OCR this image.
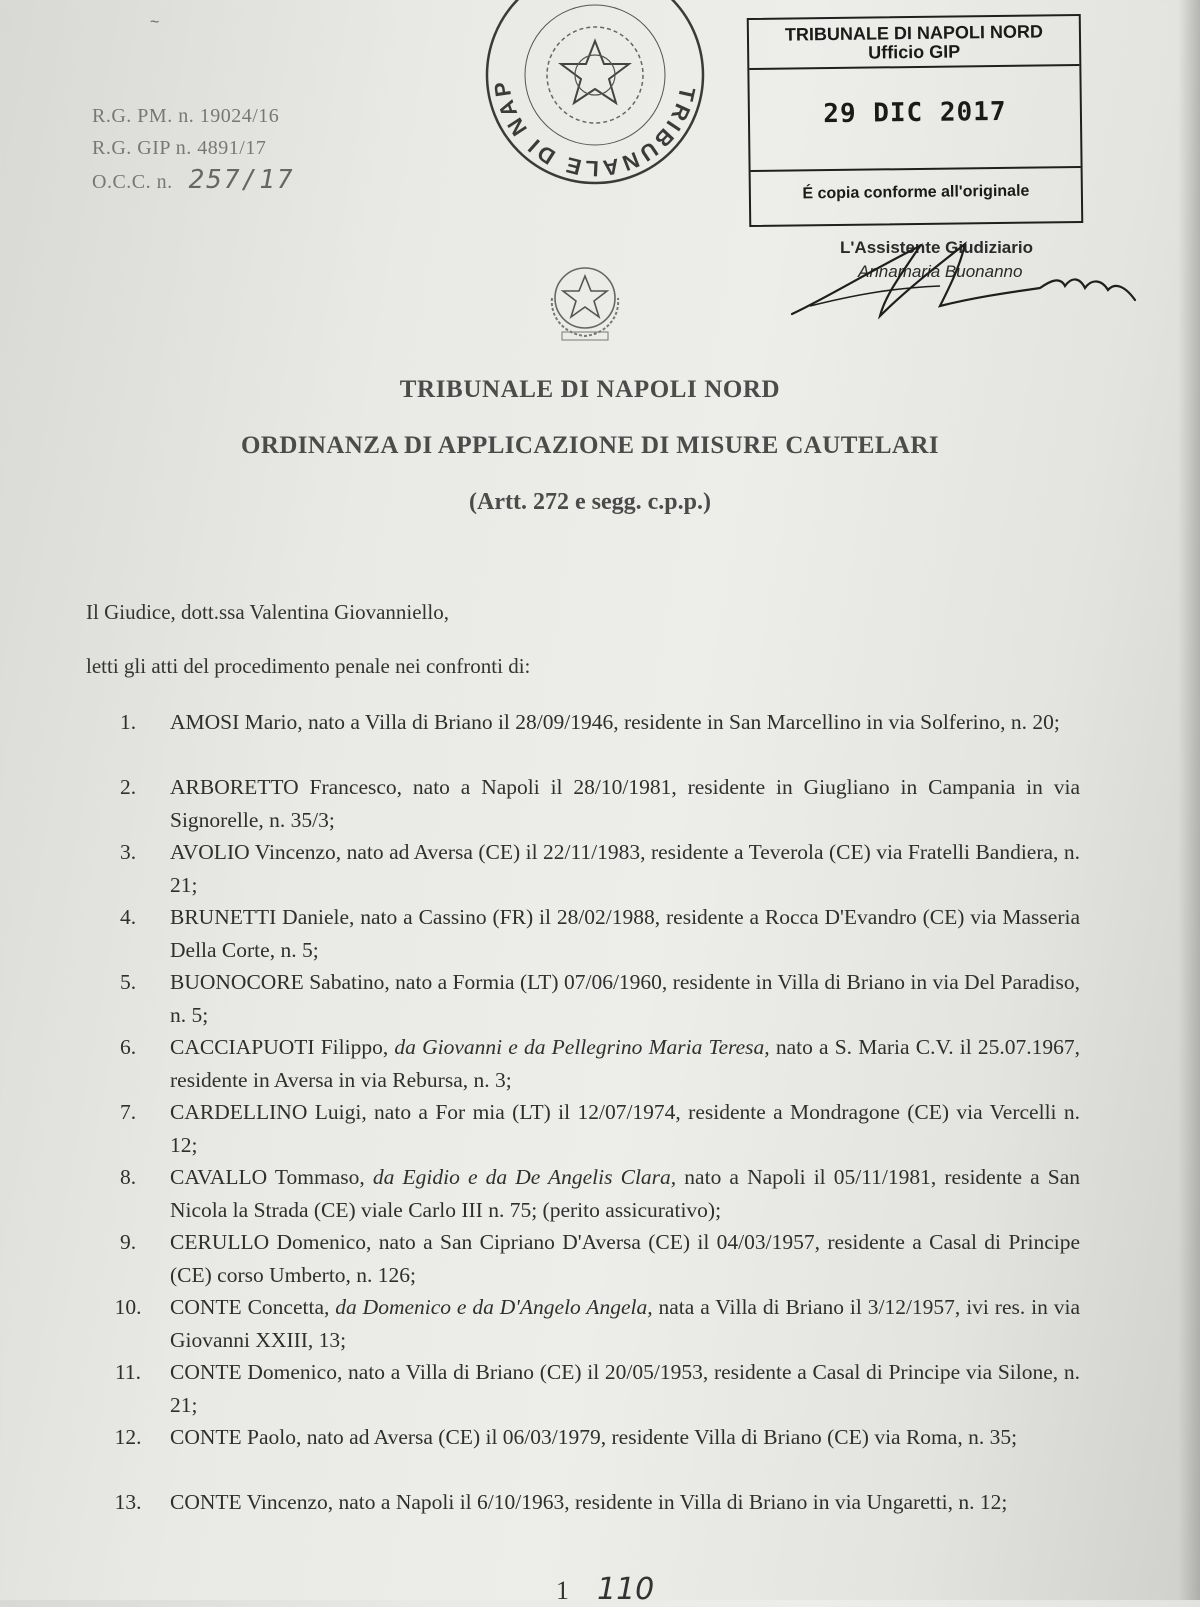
~
R.G. PM. n. 19024/16
R.G. GIP n. 4891/17
O.C.C. n. 257/17
TRIBUNALE DI NAP
TRIBUNALE DI NAPOLI NORD
Ufficio GIP
29 DIC 2017
É copia conforme all'originale
L'Assistente Giudiziario
Annamaria Buonanno
TRIBUNALE DI NAPOLI NORD
ORDINANZA DI APPLICAZIONE DI MISURE CAUTELARI
(Artt. 272 e segg. c.p.p.)
Il Giudice, dott.ssa Valentina Giovanniello,
letti gli atti del procedimento penale nei confronti di:
1.	AMOSI Mario, nato a Villa di Briano il 28/09/1946, residente in San Marcellino in via Solferino, n. 20;
2.	ARBORETTO Francesco, nato a Napoli il 28/10/1981, residente in Giugliano in Campania in via Signorelle, n. 35/3;
3.	AVOLIO Vincenzo, nato ad Aversa (CE) il 22/11/1983, residente a Teverola (CE) via Fratelli Bandiera, n. 21;
4.	BRUNETTI Daniele, nato a Cassino (FR) il 28/02/1988, residente a Rocca D'Evandro (CE) via Masseria Della Corte, n. 5;
5.	BUONOCORE Sabatino, nato a Formia (LT) 07/06/1960, residente in Villa di Briano in via Del Paradiso, n. 5;
6.	CACCIAPUOTI Filippo, da Giovanni e da Pellegrino Maria Teresa, nato a S. Maria C.V. il 25.07.1967, residente in Aversa in via Rebursa, n. 3;
7.	CARDELLINO Luigi, nato a For mia (LT) il 12/07/1974, residente a Mondragone (CE) via Vercelli n. 12;
8.	CAVALLO Tommaso, da Egidio e da De Angelis Clara, nato a Napoli il 05/11/1981, residente a San Nicola la Strada (CE) viale Carlo III n. 75; (perito assicurativo);
9.	CERULLO Domenico, nato a San Cipriano D'Aversa (CE) il 04/03/1957, residente a Casal di Principe (CE) corso Umberto, n. 126;
10.	CONTE Concetta, da Domenico e da D'Angelo Angela, nata a Villa di Briano il 3/12/1957, ivi res. in via Giovanni XXIII, 13;
11.	CONTE Domenico, nato a Villa di Briano (CE) il 20/05/1953, residente a Casal di Principe via Silone, n. 21;
12.	CONTE Paolo, nato ad Aversa (CE) il 06/03/1979, residente Villa di Briano (CE) via Roma, n. 35;
13.	CONTE Vincenzo, nato a Napoli il 6/10/1963, residente in Villa di Briano in via Ungaretti, n. 12;
1 110
